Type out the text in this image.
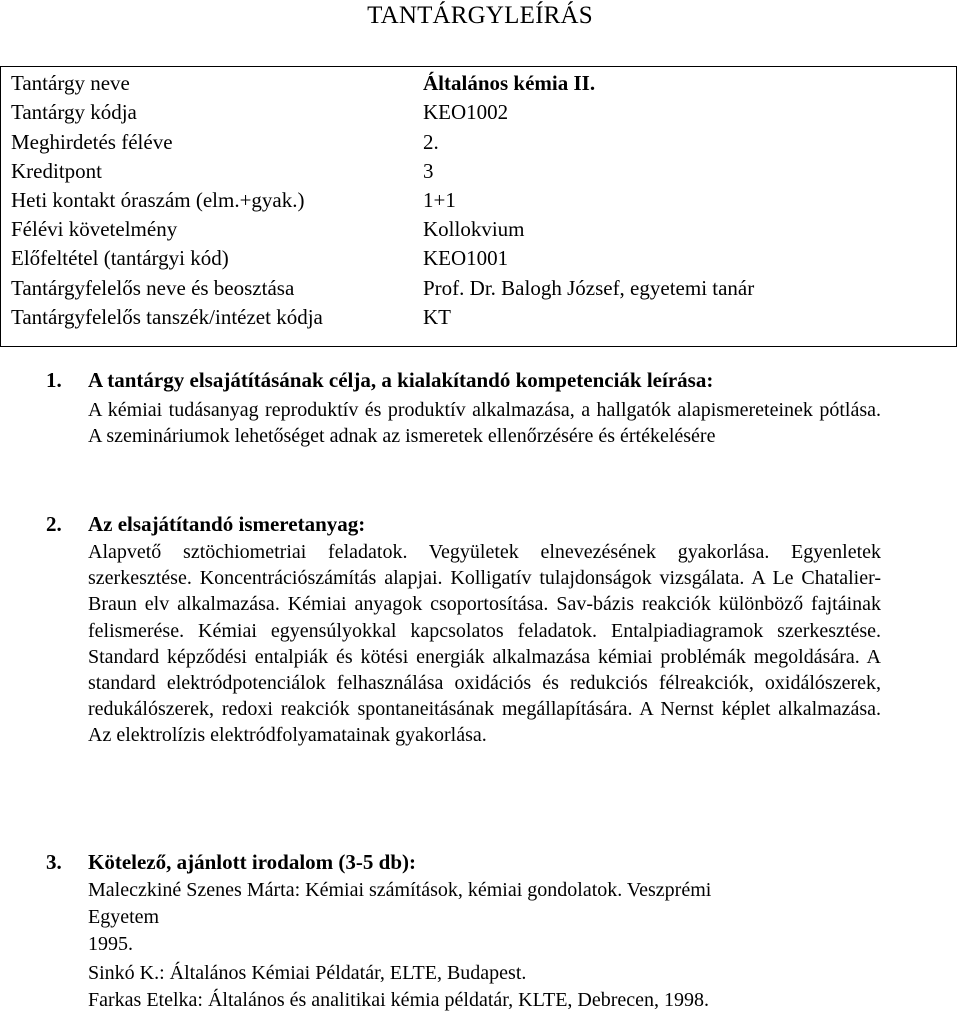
TANTÁRGYLEÍRÁS
Tantárgy neve	Általános kémia II.
Tantárgy kódja	KEO1002
Meghirdetés féléve	2.
Kreditpont	3
Heti kontakt óraszám (elm.+gyak.)	1+1
Félévi követelmény	Kollokvium
Előfeltétel (tantárgyi kód)	KEO1001
Tantárgyfelelős neve és beosztása	Prof. Dr. Balogh József, egyetemi tanár
Tantárgyfelelős tanszék/intézet kódja	KT
1. A tantárgy elsajátításának célja, a kialakítandó kompetenciák leírása:
A kémiai tudásanyag reproduktív és produktív alkalmazása, a hallgatók alapismereteinek pótlása. A szemináriumok lehetőséget adnak az ismeretek ellenőrzésére és értékelésére
2. Az elsajátítandó ismeretanyag:
Alapvető sztöchiometriai feladatok. Vegyületek elnevezésének gyakorlása. Egyenletek szerkesztése. Koncentrációszámítás alapjai. Kolligatív tulajdonságok vizsgálata. A Le Chatalier-Braun elv alkalmazása. Kémiai anyagok csoportosítása. Sav-bázis reakciók különböző fajtáinak felismerése. Kémiai egyensúlyokkal kapcsolatos feladatok. Entalpiadiagramok szerkesztése. Standard képződési entalpiák és kötési energiák alkalmazása kémiai problémák megoldására. A standard elektródpotenciálok felhasználása oxidációs és redukciós félreakciók, oxidálószerek, redukálószerek, redoxi reakciók spontaneitásának megállapítására. A Nernst képlet alkalmazása. Az elektrolízis elektródfolyamatainak gyakorlása.
3. Kötelező, ajánlott irodalom (3-5 db):
Maleczkiné Szenes Márta: Kémiai számítások, kémiai gondolatok. Veszprémi
Egyetem
1995.
Sinkó K.: Általános Kémiai Példatár, ELTE, Budapest.
Farkas Etelka: Általános és analitikai kémia példatár, KLTE, Debrecen, 1998.
